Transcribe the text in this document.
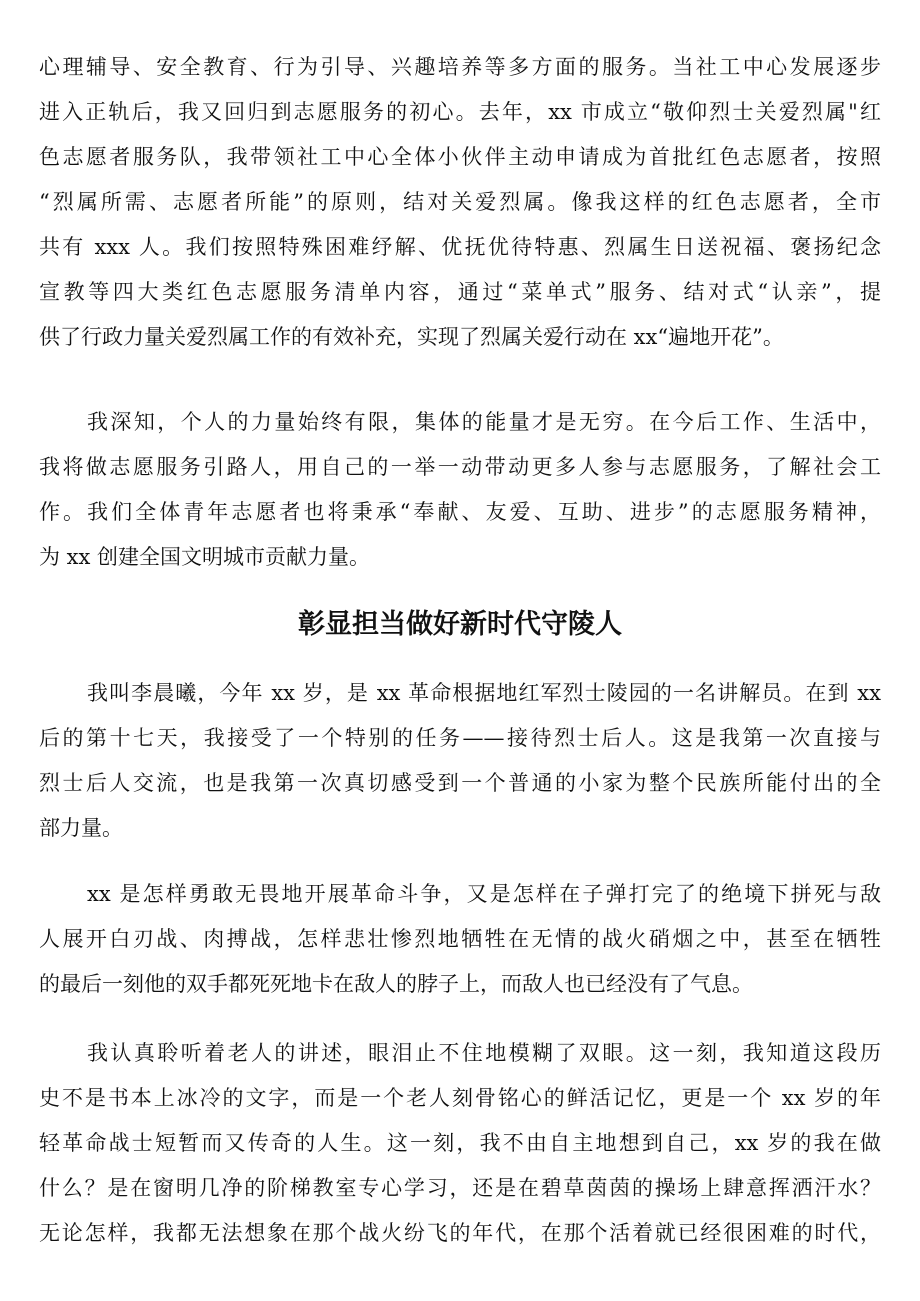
心理辅导、安全教育、行为引导、兴趣培养等多方面的服务。当社工中心发展逐步
进入正轨后，我又回归到志愿服务的初心。去年，xx 市成立“敬仰烈士关爱烈属"红
色志愿者服务队，我带领社工中心全体小伙伴主动申请成为首批红色志愿者，按照
“烈属所需、志愿者所能”的原则，结对关爱烈属。像我这样的红色志愿者，全市
共有 xxx 人。我们按照特殊困难纾解、优抚优待特惠、烈属生日送祝福、褒扬纪念
宣教等四大类红色志愿服务清单内容，通过“菜单式”服务、结对式“认亲”，提
供了行政力量关爱烈属工作的有效补充，实现了烈属关爱行动在 xx“遍地开花”。
我深知，个人的力量始终有限，集体的能量才是无穷。在今后工作、生活中，
我将做志愿服务引路人，用自己的一举一动带动更多人参与志愿服务，了解社会工
作。我们全体青年志愿者也将秉承“奉献、友爱、互助、进步”的志愿服务精神，
为 xx 创建全国文明城市贡献力量。
彰显担当做好新时代守陵人
我叫李晨曦，今年 xx 岁，是 xx 革命根据地红军烈士陵园的一名讲解员。在到 xx
后的第十七天，我接受了一个特别的任务——接待烈士后人。这是我第一次直接与
烈士后人交流，也是我第一次真切感受到一个普通的小家为整个民族所能付出的全
部力量。
xx 是怎样勇敢无畏地开展革命斗争，又是怎样在子弹打完了的绝境下拼死与敌
人展开白刃战、肉搏战，怎样悲壮惨烈地牺牲在无情的战火硝烟之中，甚至在牺牲
的最后一刻他的双手都死死地卡在敌人的脖子上，而敌人也已经没有了气息。
我认真聆听着老人的讲述，眼泪止不住地模糊了双眼。这一刻，我知道这段历
史不是书本上冰冷的文字，而是一个老人刻骨铭心的鲜活记忆，更是一个 xx 岁的年
轻革命战士短暂而又传奇的人生。这一刻，我不由自主地想到自己，xx 岁的我在做
什么？是在窗明几净的阶梯教室专心学习，还是在碧草茵茵的操场上肆意挥洒汗水？
无论怎样，我都无法想象在那个战火纷飞的年代，在那个活着就已经很困难的时代，
